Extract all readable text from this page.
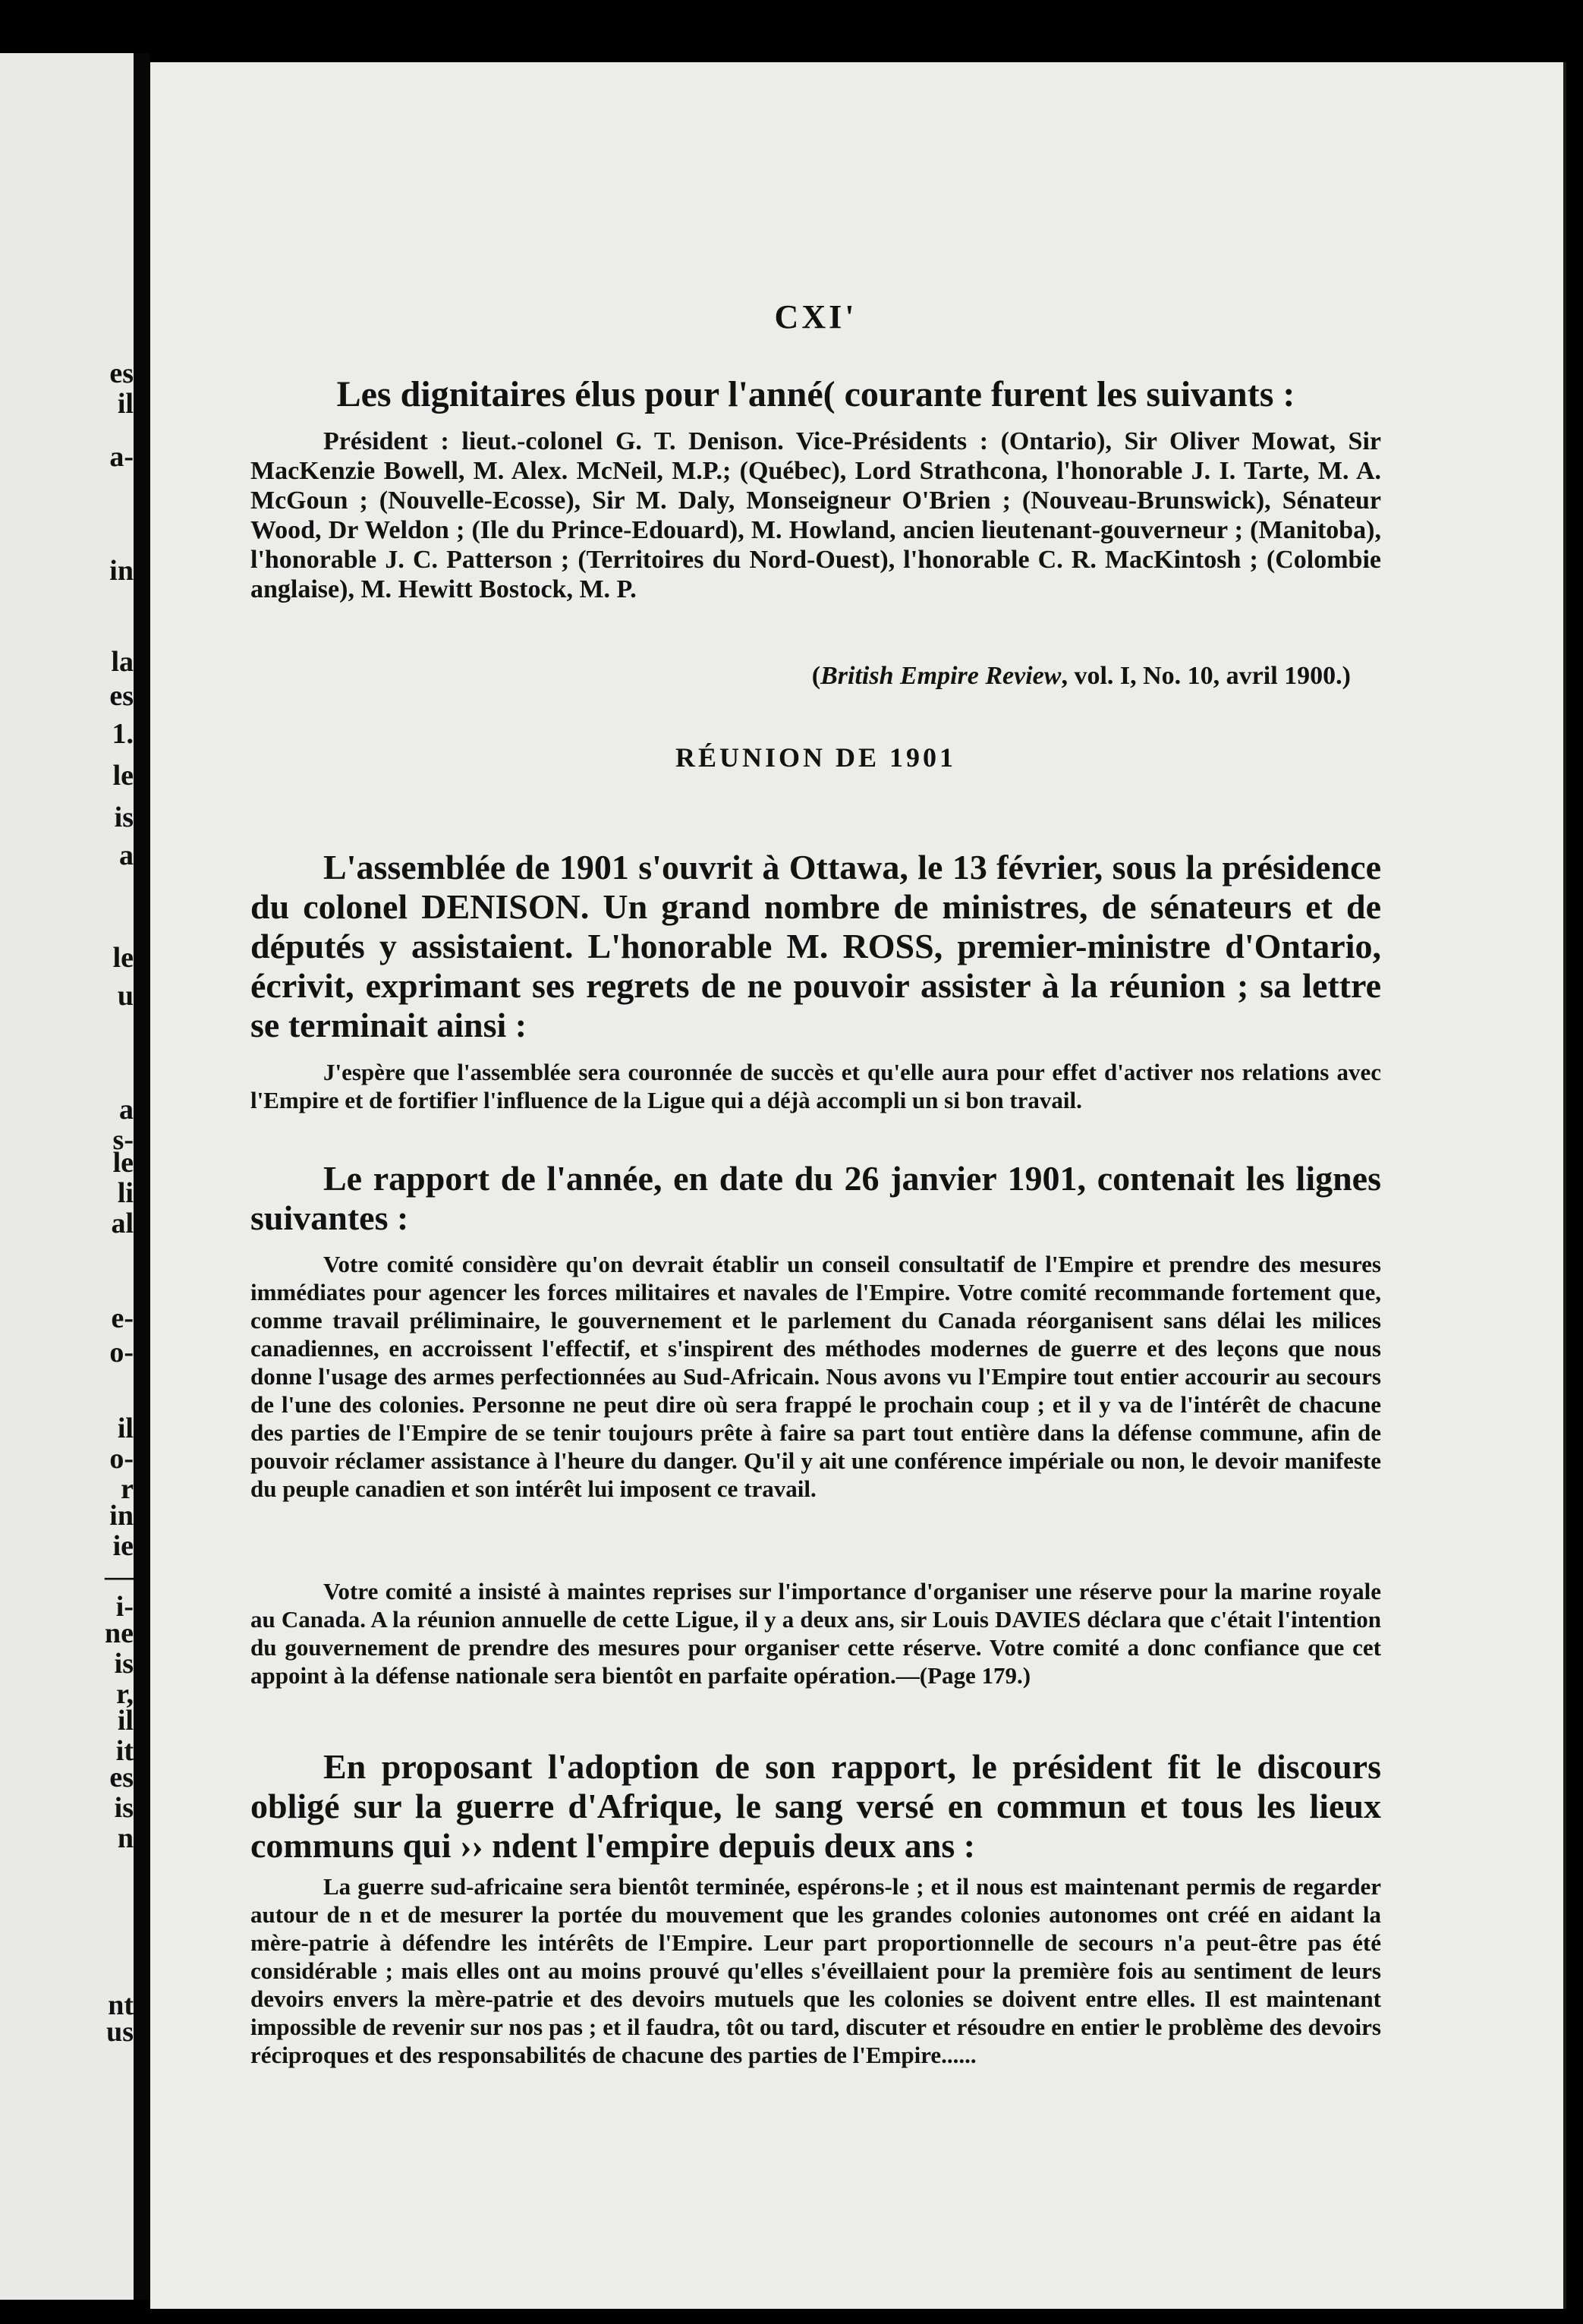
es
il
a-
in
la
es
1.
le
is
a
le
u
a
s-
le
li
al
e-
o-
il
o-
r
in
ie
—
i-
ne
is
r,
il
it
es
is
n
nt
us
CXI'

Les dignitaires élus pour l'anné( courante furent les suivants :

Président : lieut.-colonel G. T. Denison. Vice-Présidents : (Ontario), Sir Oliver Mowat, Sir MacKenzie Bowell, M. Alex. McNeil, M.P.; (Québec), Lord Strathcona, l'honorable J. I. Tarte, M. A. McGoun ; (Nouvelle-Ecosse), Sir M. Daly, Monseigneur O'Brien ; (Nouveau-Brunswick), Sénateur Wood, Dr Weldon ; (Ile du Prince-Edouard), M. Howland, ancien lieutenant-gouverneur ; (Manitoba), l'honorable J. C. Patterson ; (Territoires du Nord-Ouest), l'honorable C. R. MacKintosh ; (Colombie anglaise), M. Hewitt Bostock, M. P.

(British Empire Review, vol. I, No. 10, avril 1900.)

RÉUNION DE 1901

L'assemblée de 1901 s'ouvrit à Ottawa, le 13 février, sous la présidence du colonel DENISON. Un grand nombre de ministres, de sénateurs et de députés y assistaient. L'honorable M. ROSS, premier-ministre d'Ontario, écrivit, exprimant ses regrets de ne pouvoir assister à la réunion ; sa lettre se terminait ainsi :

J'espère que l'assemblée sera couronnée de succès et qu'elle aura pour effet d'activer nos relations avec l'Empire et de fortifier l'influence de la Ligue qui a déjà accompli un si bon travail.

Le rapport de l'année, en date du 26 janvier 1901, contenait les lignes suivantes :

Votre comité considère qu'on devrait établir un conseil consultatif de l'Empire et prendre des mesures immédiates pour agencer les forces militaires et navales de l'Empire. Votre comité recommande fortement que, comme travail préliminaire, le gouvernement et le parlement du Canada réorganisent sans délai les milices canadiennes, en accroissent l'effectif, et s'inspirent des méthodes modernes de guerre et des leçons que nous donne l'usage des armes perfectionnées au Sud-Africain. Nous avons vu l'Empire tout entier accourir au secours de l'une des colonies. Personne ne peut dire où sera frappé le prochain coup ; et il y va de l'intérêt de chacune des parties de l'Empire de se tenir toujours prête à faire sa part tout entière dans la défense commune, afin de pouvoir réclamer assistance à l'heure du danger. Qu'il y ait une conférence impériale ou non, le devoir manifeste du peuple canadien et son intérêt lui imposent ce travail.

Votre comité a insisté à maintes reprises sur l'importance d'organiser une réserve pour la marine royale au Canada. A la réunion annuelle de cette Ligue, il y a deux ans, sir Louis DAVIES déclara que c'était l'intention du gouvernement de prendre des mesures pour organiser cette réserve. Votre comité a donc confiance que cet appoint à la défense nationale sera bientôt en parfaite opération.—(Page 179.)

En proposant l'adoption de son rapport, le président fit le discours obligé sur la guerre d'Afrique, le sang versé en commun et tous les lieux communs qui ›› ndent l'empire depuis deux ans :

La guerre sud-africaine sera bientôt terminée, espérons-le ; et il nous est maintenant permis de regarder autour de n et de mesurer la portée du mouvement que les grandes colonies autonomes ont créé en aidant la mère-patrie à défendre les intérêts de l'Empire. Leur part proportionnelle de secours n'a peut-être pas été considérable ; mais elles ont au moins prouvé qu'elles s'éveillaient pour la première fois au sentiment de leurs devoirs envers la mère-patrie et des devoirs mutuels que les colonies se doivent entre elles. Il est maintenant impossible de revenir sur nos pas ; et il faudra, tôt ou tard, discuter et résoudre en entier le problème des devoirs réciproques et des responsabilités de chacune des parties de l'Empire......
